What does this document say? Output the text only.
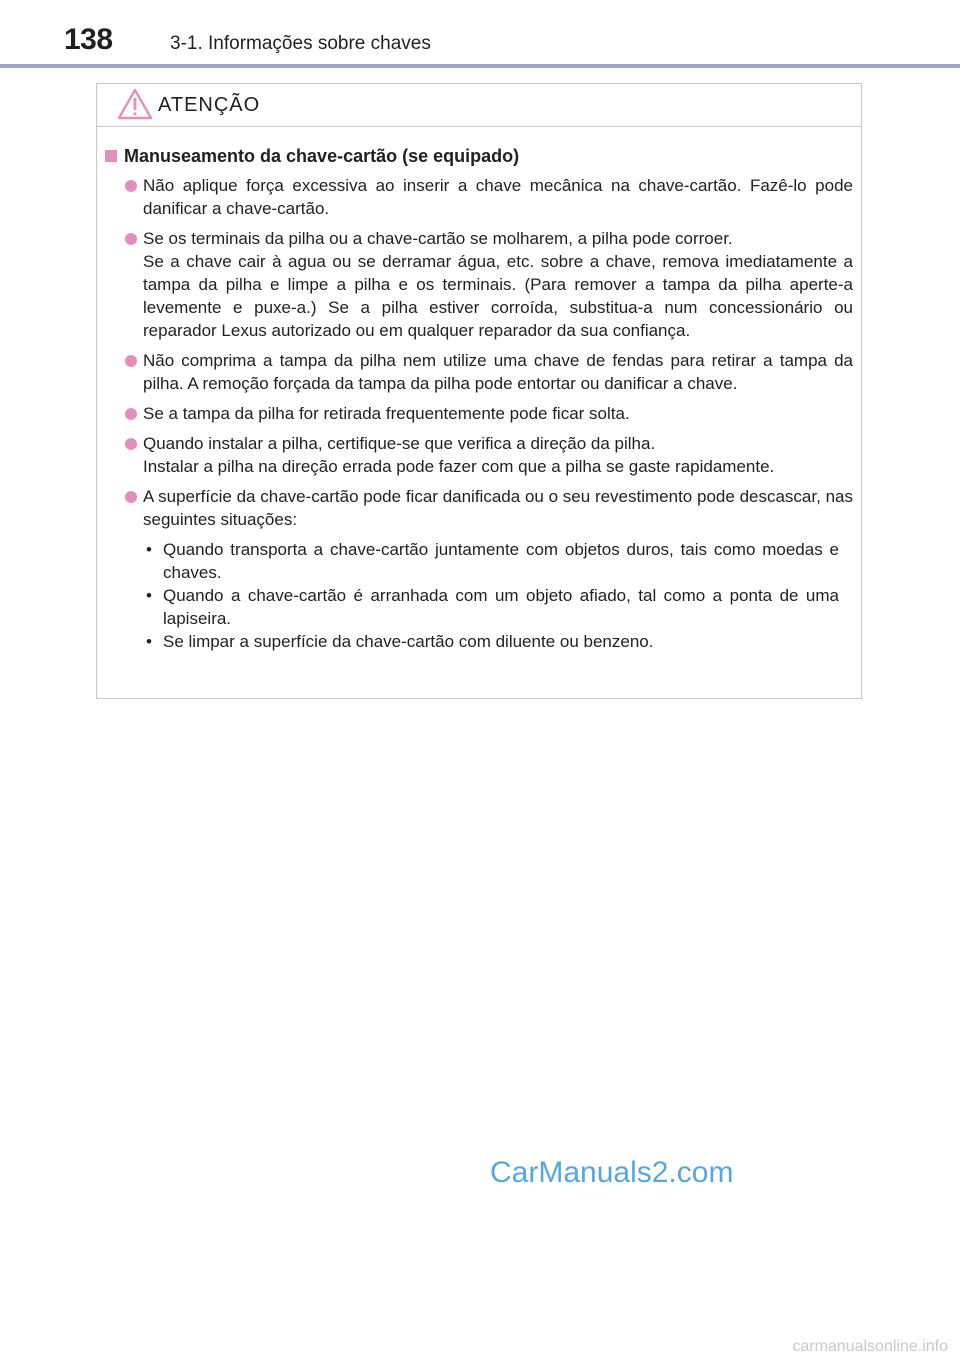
138	3-1. Informações sobre chaves
ATENÇÃO
Manuseamento da chave-cartão (se equipado)

Não aplique força excessiva ao inserir a chave mecânica na chave-cartão. Fazê-lo pode danificar a chave-cartão.

Se os terminais da pilha ou a chave-cartão se molharem, a pilha pode corroer.

Se a chave cair à agua ou se derramar água, etc. sobre a chave, remova imediatamente a tampa da pilha e limpe a pilha e os terminais. (Para remover a tampa da pilha aperte-a levemente e puxe-a.) Se a pilha estiver corroída, substitua-a num concessionário ou reparador Lexus autorizado ou em qualquer reparador da sua confiança.

Não comprima a tampa da pilha nem utilize uma chave de fendas para retirar a tampa da pilha. A remoção forçada da tampa da pilha pode entortar ou danificar a chave.

Se a tampa da pilha for retirada frequentemente pode ficar solta.

Quando instalar a pilha, certifique-se que verifica a direção da pilha.

Instalar a pilha na direção errada pode fazer com que a pilha se gaste rapidamente.

A superfície da chave-cartão pode ficar danificada ou o seu revestimento pode descascar, nas seguintes situações:

• Quando transporta a chave-cartão juntamente com objetos duros, tais como moedas e chaves.
• Quando a chave-cartão é arranhada com um objeto afiado, tal como a ponta de uma lapiseira.
• Se limpar a superfície da chave-cartão com diluente ou benzeno.
CarManuals2.com
carmanualsonline.info
